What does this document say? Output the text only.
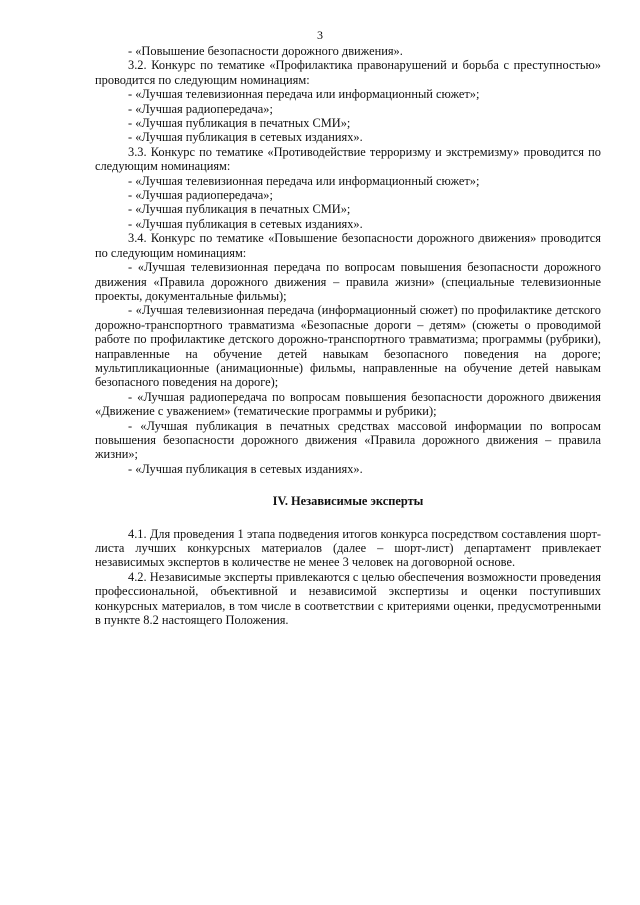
3

- «Повышение безопасности дорожного движения».

3.2. Конкурс по тематике «Профилактика правонарушений и борьба с преступностью» проводится по следующим номинациям:

- «Лучшая телевизионная передача или информационный сюжет»;

- «Лучшая радиопередача»;

- «Лучшая публикация в печатных СМИ»;

- «Лучшая публикация в сетевых изданиях».

3.3. Конкурс по тематике «Противодействие терроризму и экстремизму» проводится по следующим номинациям:

- «Лучшая телевизионная передача или информационный сюжет»;

- «Лучшая радиопередача»;

- «Лучшая публикация в печатных СМИ»;

- «Лучшая публикация в сетевых изданиях».

3.4. Конкурс по тематике «Повышение безопасности дорожного движения» проводится по следующим номинациям:

- «Лучшая телевизионная передача по вопросам повышения безопасности дорожного движения «Правила дорожного движения – правила жизни» (специальные телевизионные проекты, документальные фильмы);

- «Лучшая телевизионная передача (информационный сюжет) по профилактике детского дорожно-транспортного травматизма «Безопасные дороги – детям» (сюжеты о проводимой работе по профилактике детского дорожно-транспортного травматизма; программы (рубрики), направленные на обучение детей навыкам безопасного поведения на дороге; мультипликационные (анимационные) фильмы, направленные на обучение детей навыкам безопасного поведения на дороге);

- «Лучшая радиопередача по вопросам повышения безопасности дорожного движения «Движение с уважением» (тематические программы и рубрики);

- «Лучшая публикация в печатных средствах массовой информации по вопросам повышения безопасности дорожного движения «Правила дорожного движения – правила жизни»;

- «Лучшая публикация в сетевых изданиях».

IV. Независимые эксперты

4.1. Для проведения 1 этапа подведения итогов конкурса посредством составления шорт-листа лучших конкурсных материалов (далее – шорт-лист) департамент привлекает независимых экспертов в количестве не менее 3 человек на договорной основе.

4.2. Независимые эксперты привлекаются с целью обеспечения возможности проведения профессиональной, объективной и независимой экспертизы и оценки поступивших конкурсных материалов, в том числе в соответствии с критериями оценки, предусмотренными в пункте 8.2 настоящего Положения.
